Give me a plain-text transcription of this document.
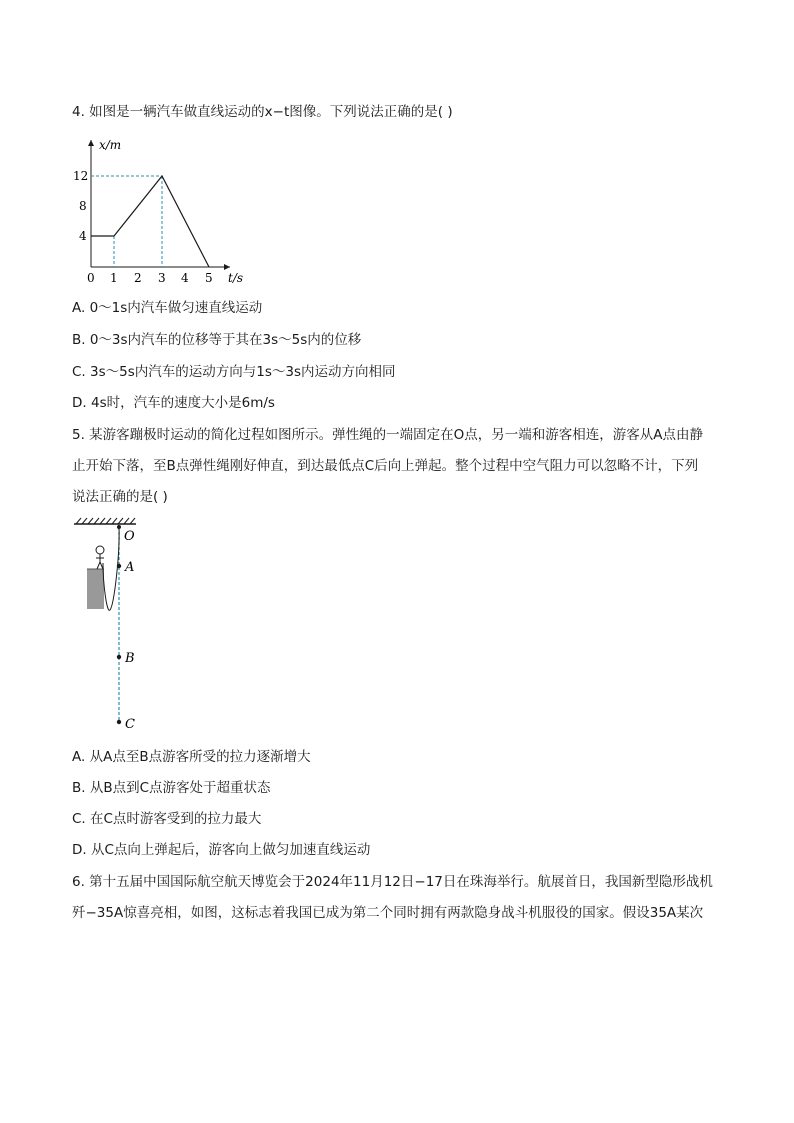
4. 如图是一辆汽车做直线运动的x−t图像。下列说法正确的是( )
12
8
4
0 1 2 3 4 5
x/m
t/s
A. 0～1s内汽车做匀速直线运动
B. 0～3s内汽车的位移等于其在3s～5s内的位移
C. 3s～5s内汽车的运动方向与1s～3s内运动方向相同
D. 4s时，汽车的速度大小是6m/s
5. 某游客蹦极时运动的简化过程如图所示。弹性绳的一端固定在O点，另一端和游客相连，游客从A点由静
止开始下落，至B点弹性绳刚好伸直，到达最低点C后向上弹起。整个过程中空气阻力可以忽略不计，下列
说法正确的是( )
O
A
B
C
A. 从A点至B点游客所受的拉力逐渐增大
B. 从B点到C点游客处于超重状态
C. 在C点时游客受到的拉力最大
D. 从C点向上弹起后，游客向上做匀加速直线运动
6. 第十五届中国国际航空航天博览会于2024年11月12日−17日在珠海举行。航展首日，我国新型隐形战机
歼−35A惊喜亮相，如图，这标志着我国已成为第二个同时拥有两款隐身战斗机服役的国家。假设35A某次
